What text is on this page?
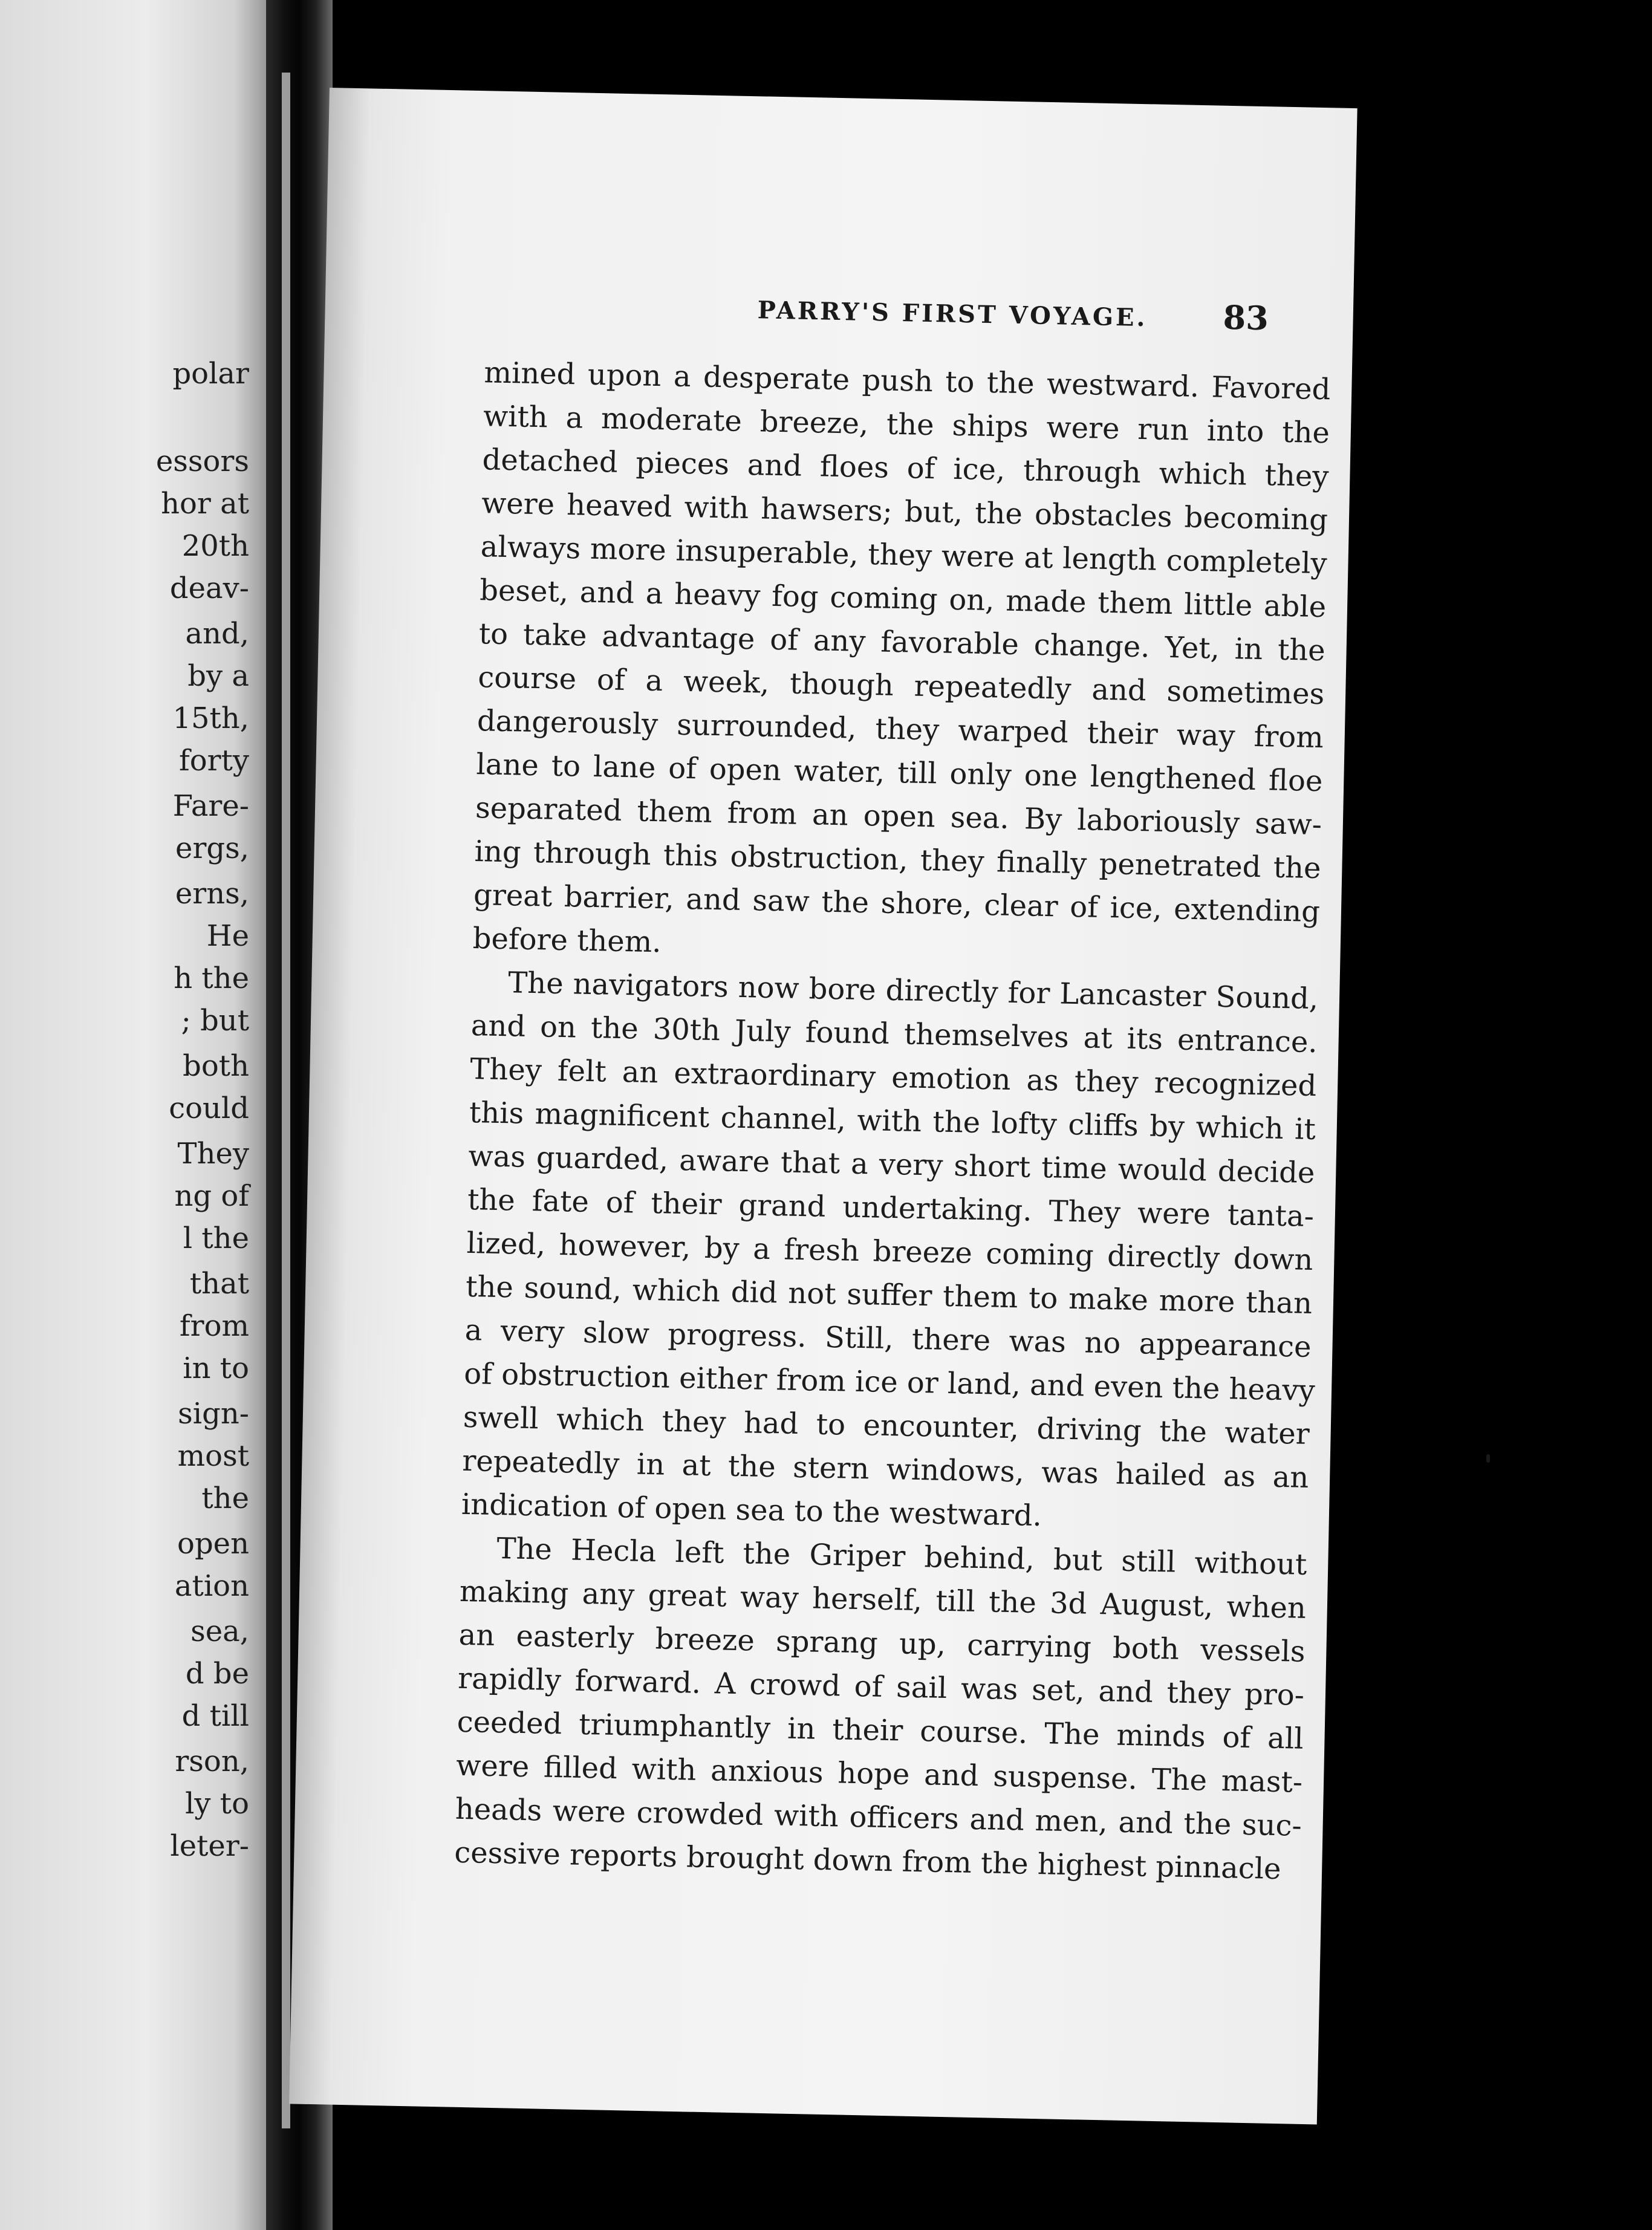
polar
essors
hor at
20th
deav-
and,
by a
15th,
forty
Fare-
ergs,
erns,
He
h the
; but
both
could
They
ng of
l the
that
from
in to
sign-
most
the
open
ation
sea,
d be
d till
rson,
ly to
leter-
PARRY'S FIRST VOYAGE. 83
mined upon a desperate push to the westward. Favored
with a moderate breeze, the ships were run into the
detached pieces and floes of ice, through which they
were heaved with hawsers; but, the obstacles becoming
always more insuperable, they were at length completely
beset, and a heavy fog coming on, made them little able
to take advantage of any favorable change. Yet, in the
course of a week, though repeatedly and sometimes
dangerously surrounded, they warped their way from
lane to lane of open water, till only one lengthened floe
separated them from an open sea. By laboriously saw-
ing through this obstruction, they finally penetrated the
great barrier, and saw the shore, clear of ice, extending
before them.
The navigators now bore directly for Lancaster Sound,
and on the 30th July found themselves at its entrance.
They felt an extraordinary emotion as they recognized
this magnificent channel, with the lofty cliffs by which it
was guarded, aware that a very short time would decide
the fate of their grand undertaking. They were tanta-
lized, however, by a fresh breeze coming directly down
the sound, which did not suffer them to make more than
a very slow progress. Still, there was no appearance
of obstruction either from ice or land, and even the heavy
swell which they had to encounter, driving the water
repeatedly in at the stern windows, was hailed as an
indication of open sea to the westward.
The Hecla left the Griper behind, but still without
making any great way herself, till the 3d August, when
an easterly breeze sprang up, carrying both vessels
rapidly forward. A crowd of sail was set, and they pro-
ceeded triumphantly in their course. The minds of all
were filled with anxious hope and suspense. The mast-
heads were crowded with officers and men, and the suc-
cessive reports brought down from the highest pinnacle
